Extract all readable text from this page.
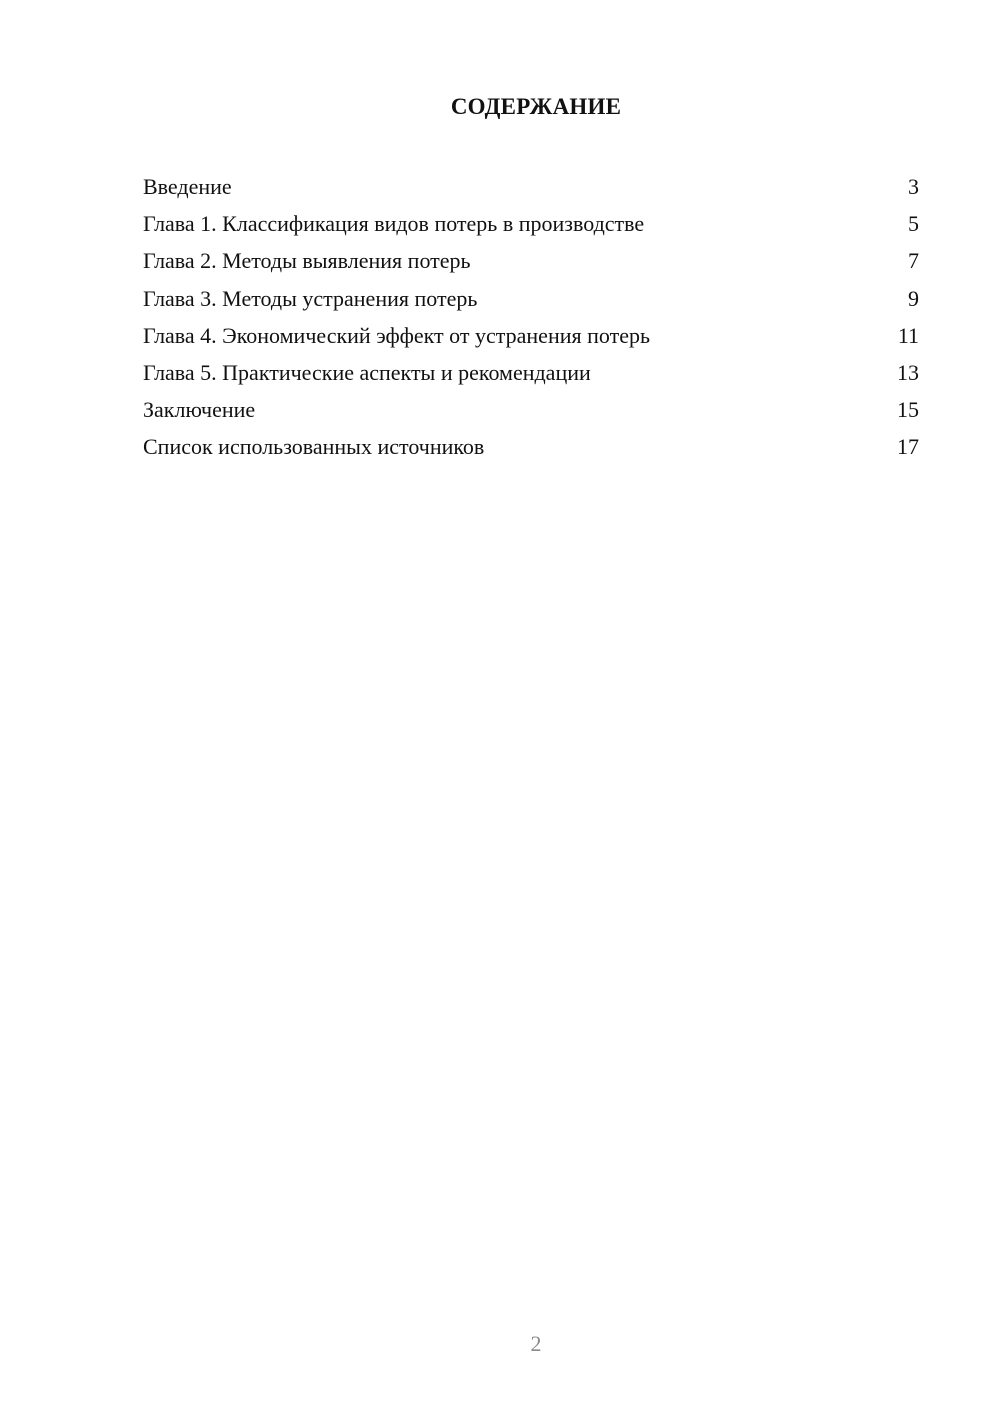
СОДЕРЖАНИЕ
Введение	3
Глава 1. Классификация видов потерь в производстве	5
Глава 2. Методы выявления потерь	7
Глава 3. Методы устранения потерь	9
Глава 4. Экономический эффект от устранения потерь	11
Глава 5. Практические аспекты и рекомендации	13
Заключение	15
Список использованных источников	17
2
